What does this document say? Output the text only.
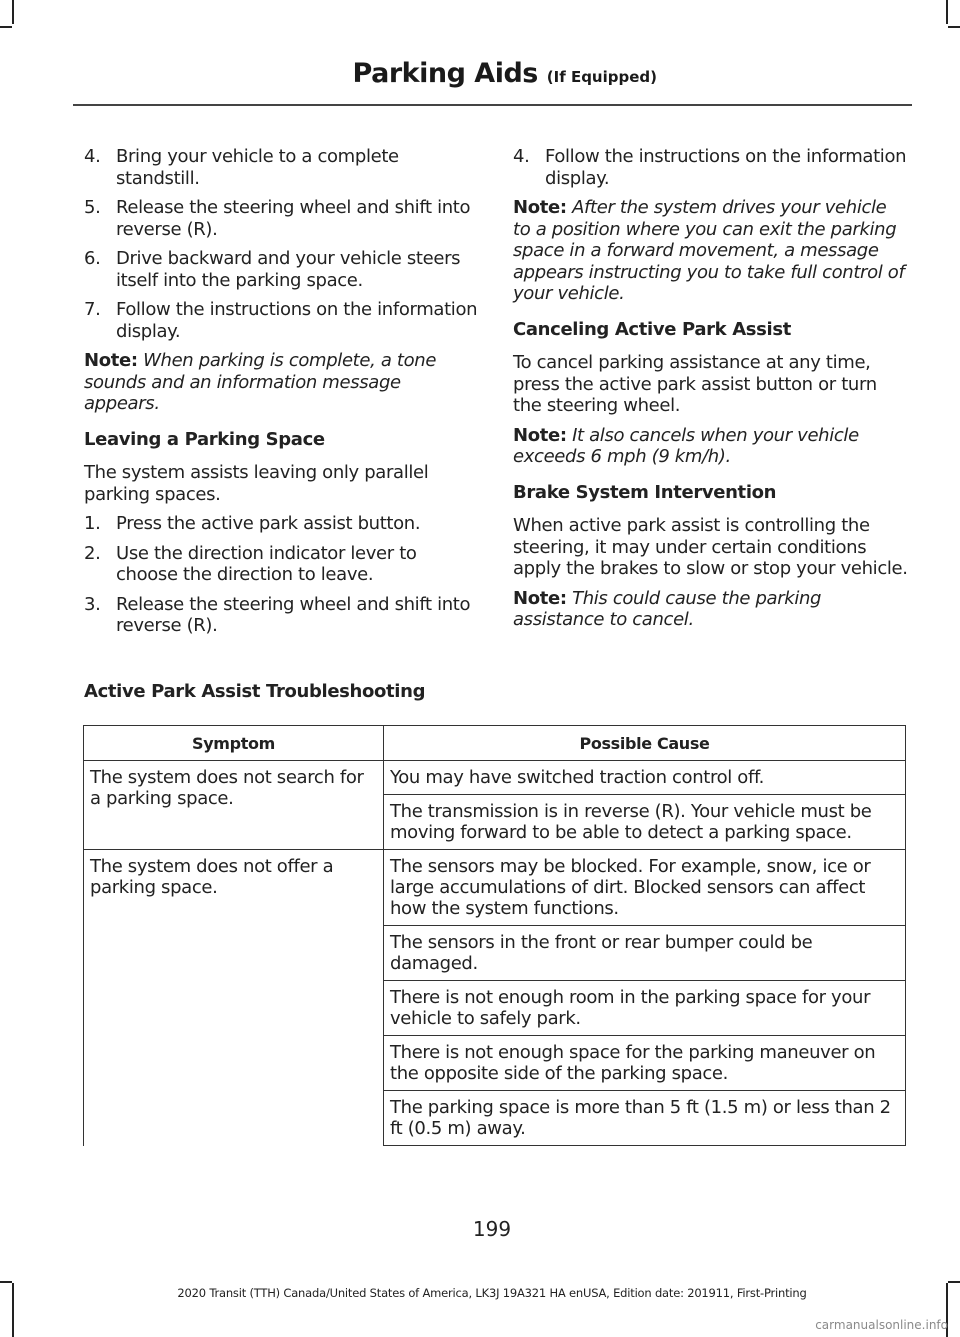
Parking Aids (If Equipped)
4. Bring your vehicle to a complete standstill.
5. Release the steering wheel and shift into reverse (R).
6. Drive backward and your vehicle steers itself into the parking space.
7. Follow the instructions on the information display.
Note: When parking is complete, a tone sounds and an information message appears.
Leaving a Parking Space
The system assists leaving only parallel parking spaces.
1. Press the active park assist button.
2. Use the direction indicator lever to choose the direction to leave.
3. Release the steering wheel and shift into reverse (R).
4. Follow the instructions on the information display.
Note: After the system drives your vehicle to a position where you can exit the parking space in a forward movement, a message appears instructing you to take full control of your vehicle.
Canceling Active Park Assist
To cancel parking assistance at any time, press the active park assist button or turn the steering wheel.
Note: It also cancels when your vehicle exceeds 6 mph (9 km/h).
Brake System Intervention
When active park assist is controlling the steering, it may under certain conditions apply the brakes to slow or stop your vehicle.
Note: This could cause the parking assistance to cancel.
Active Park Assist Troubleshooting
Symptom	Possible Cause
The system does not search for a parking space.	You may have switched traction control off.
	The transmission is in reverse (R). Your vehicle must be moving forward to be able to detect a parking space.
The system does not offer a parking space.	The sensors may be blocked. For example, snow, ice or large accumulations of dirt. Blocked sensors can affect how the system functions.
	The sensors in the front or rear bumper could be damaged.
	There is not enough room in the parking space for your vehicle to safely park.
	There is not enough space for the parking maneuver on the opposite side of the parking space.
	The parking space is more than 5 ft (1.5 m) or less than 2 ft (0.5 m) away.
199
2020 Transit (TTH) Canada/United States of America, LK3J 19A321 HA enUSA, Edition date: 201911, First-Printing
carmanualsonline.info
